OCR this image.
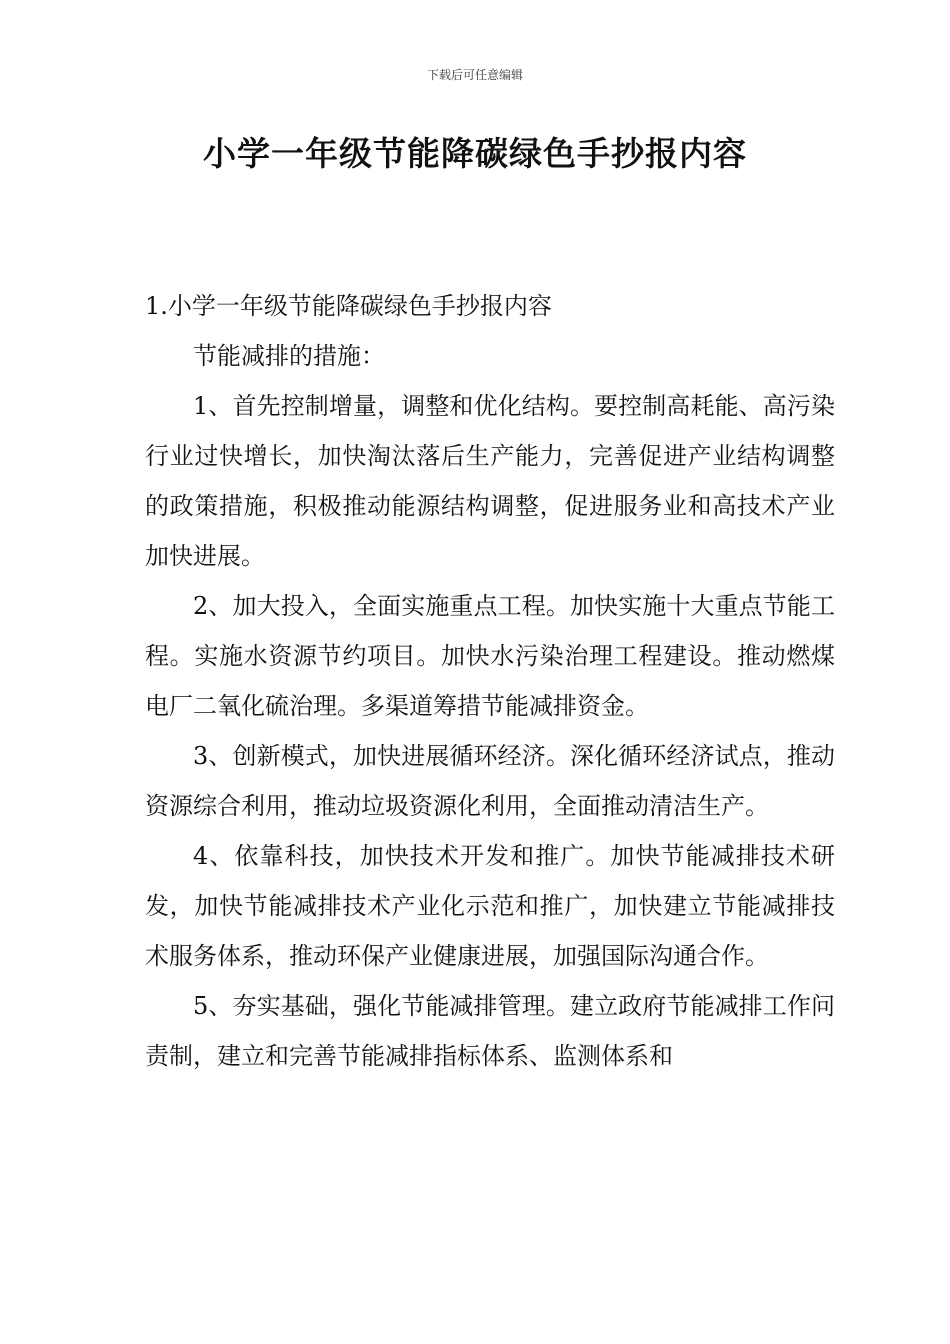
下载后可任意编辑
小学一年级节能降碳绿色手抄报内容

1.小学一年级节能降碳绿色手抄报内容

节能减排的措施：

1、首先控制增量，调整和优化结构。要控制高耗能、高污染行业过快增长，加快淘汰落后生产能力，完善促进产业结构调整的政策措施，积极推动能源结构调整，促进服务业和高技术产业加快进展。

2、加大投入，全面实施重点工程。加快实施十大重点节能工程。实施水资源节约项目。加快水污染治理工程建设。推动燃煤电厂二氧化硫治理。多渠道筹措节能减排资金。

3、创新模式，加快进展循环经济。深化循环经济试点，推动资源综合利用，推动垃圾资源化利用，全面推动清洁生产。

4、依靠科技，加快技术开发和推广。加快节能减排技术研发，加快节能减排技术产业化示范和推广，加快建立节能减排技术服务体系，推动环保产业健康进展，加强国际沟通合作。

5、夯实基础，强化节能减排管理。建立政府节能减排工作问责制，建立和完善节能减排指标体系、监测体系和
